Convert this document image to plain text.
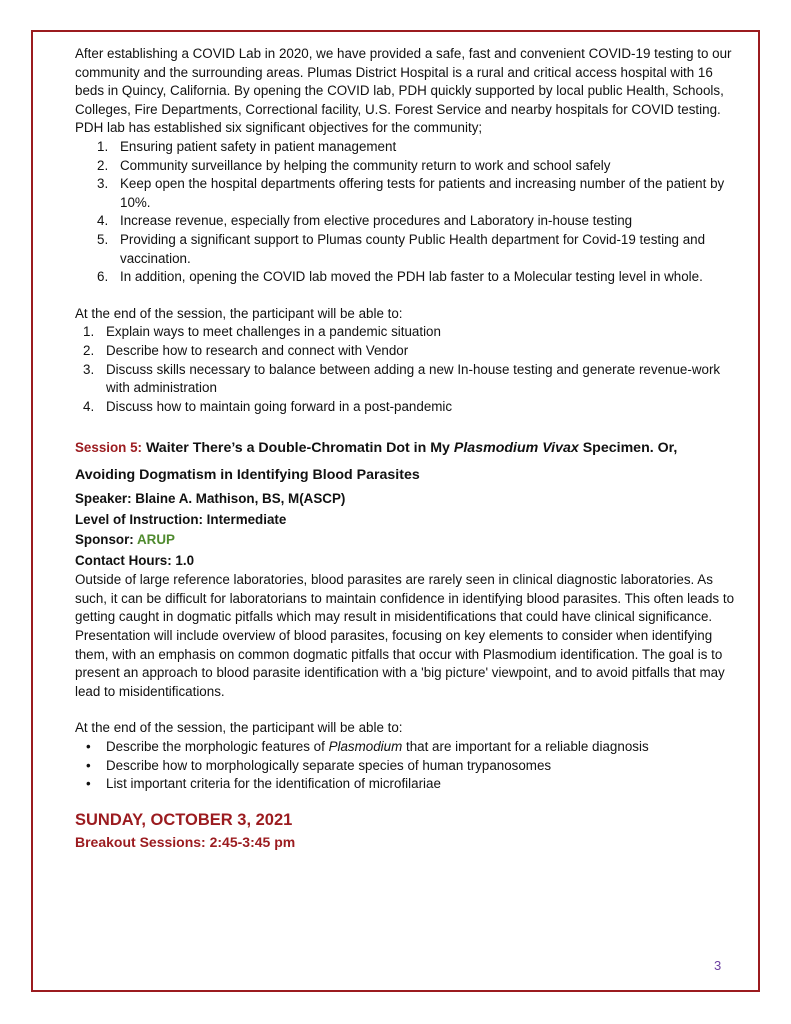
After establishing a COVID Lab in 2020, we have provided a safe, fast and convenient COVID-19 testing to our community and the surrounding areas. Plumas District Hospital is a rural and critical access hospital with 16 beds in Quincy, California. By opening the COVID lab, PDH quickly supported by local public Health, Schools, Colleges, Fire Departments, Correctional facility, U.S. Forest Service and nearby hospitals for COVID testing.

PDH lab has established six significant objectives for the community;

1. Ensuring patient safety in patient management
2. Community surveillance by helping the community return to work and school safely
3. Keep open the hospital departments offering tests for patients and increasing number of the patient by 10%.
4. Increase revenue, especially from elective procedures and Laboratory in-house testing
5. Providing a significant support to Plumas county Public Health department for Covid-19 testing and vaccination.
6. In addition, opening the COVID lab moved the PDH lab faster to a Molecular testing level in whole.

At the end of the session, the participant will be able to:

1. Explain ways to meet challenges in a pandemic situation
2. Describe how to research and connect with Vendor
3. Discuss skills necessary to balance between adding a new In-house testing and generate revenue-work with administration
4. Discuss how to maintain going forward in a post-pandemic
Session 5: Waiter There’s a Double-Chromatin Dot in My Plasmodium Vivax Specimen. Or, Avoiding Dogmatism in Identifying Blood Parasites
Speaker: Blaine A. Mathison, BS, M(ASCP)
Level of Instruction: Intermediate
Sponsor: ARUP
Contact Hours: 1.0

Outside of large reference laboratories, blood parasites are rarely seen in clinical diagnostic laboratories. As such, it can be difficult for laboratorians to maintain confidence in identifying blood parasites. This often leads to getting caught in dogmatic pitfalls which may result in misidentifications that could have clinical significance. Presentation will include overview of blood parasites, focusing on key elements to consider when identifying them, with an emphasis on common dogmatic pitfalls that occur with Plasmodium identification. The goal is to present an approach to blood parasite identification with a 'big picture' viewpoint, and to avoid pitfalls that may lead to misidentifications.

At the end of the session, the participant will be able to:

• Describe the morphologic features of Plasmodium that are important for a reliable diagnosis
• Describe how to morphologically separate species of human trypanosomes
• List important criteria for the identification of microfilariae
SUNDAY, OCTOBER 3, 2021
Breakout Sessions: 2:45-3:45 pm
3
